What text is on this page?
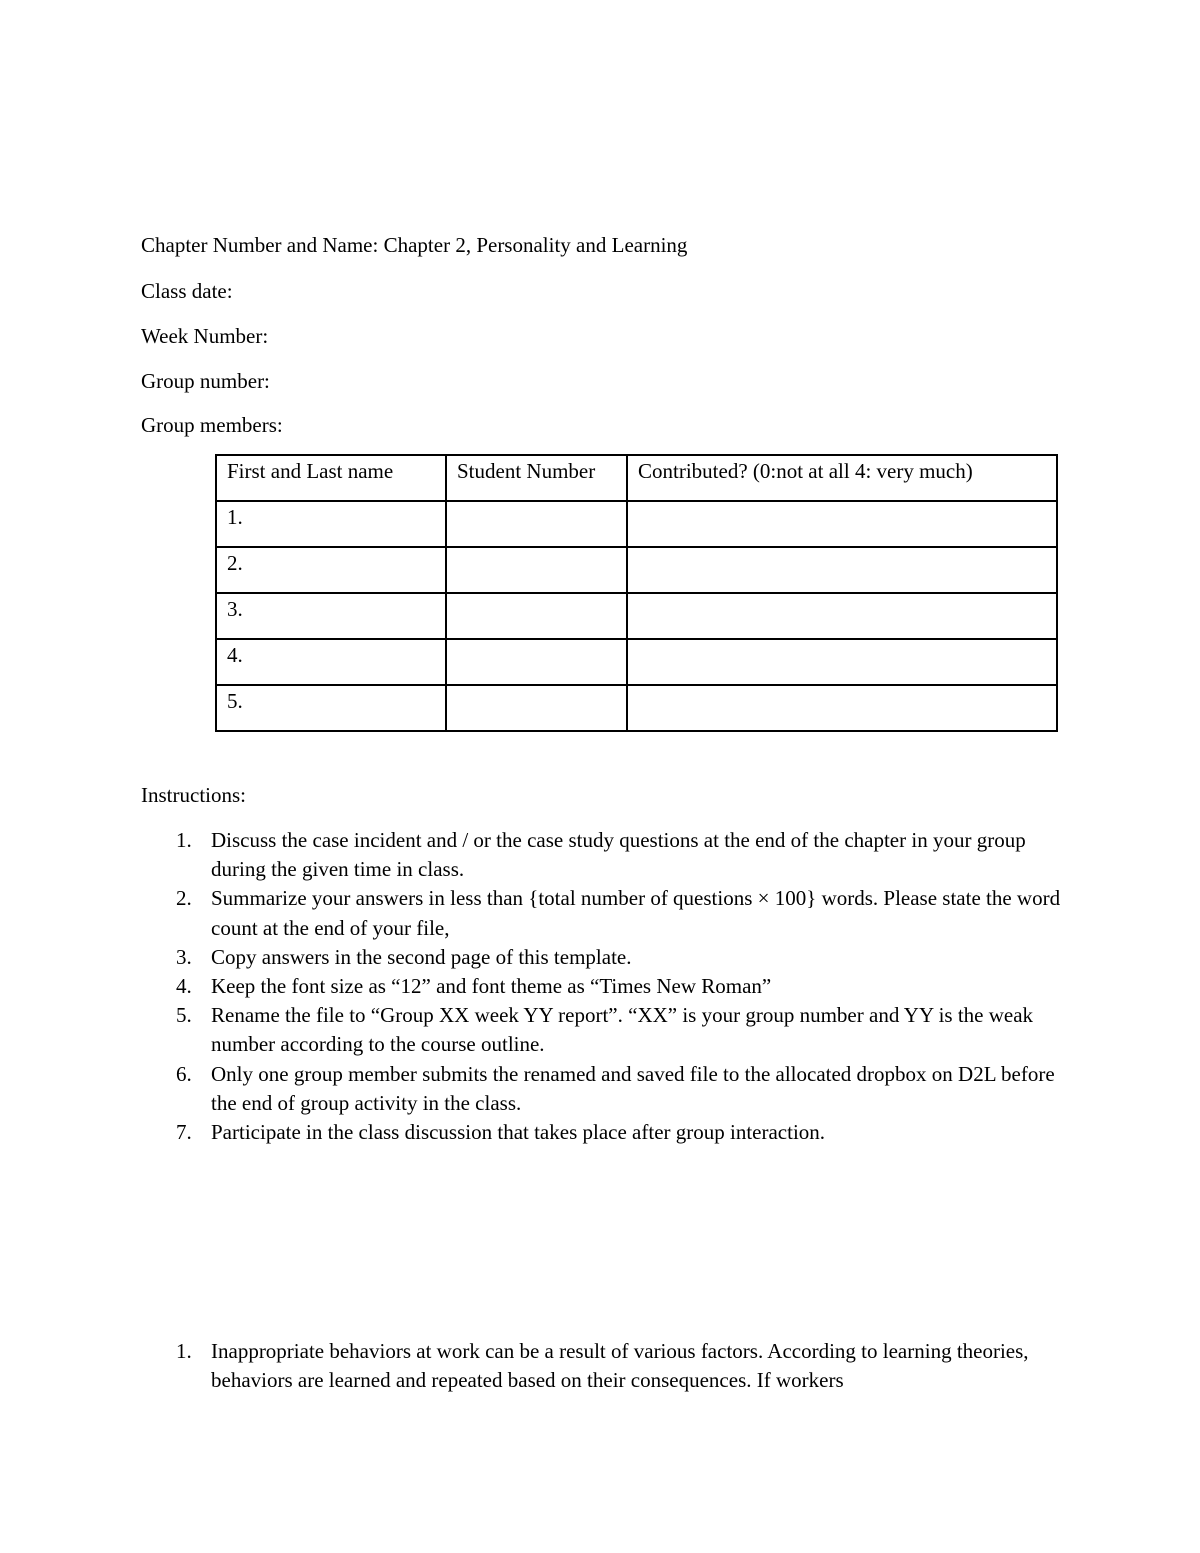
Chapter Number and Name: Chapter 2, Personality and Learning
Class date:
Week Number:
Group number:
Group members:
First and Last name	Student Number	Contributed? (0:not at all 4: very much)
1.		
2.		
3.		
4.		
5.		
Instructions:
1. Discuss the case incident and / or the case study questions at the end of the chapter in your group during the given time in class.
2. Summarize your answers in less than {total number of questions × 100} words. Please state the word count at the end of your file,
3. Copy answers in the second page of this template.
4. Keep the font size as “12” and font theme as “Times New Roman”
5. Rename the file to “Group XX week YY report”. “XX” is your group number and YY is the weak number according to the course outline.
6. Only one group member submits the renamed and saved file to the allocated dropbox on D2L before the end of group activity in the class.
7. Participate in the class discussion that takes place after group interaction.
1. Inappropriate behaviors at work can be a result of various factors. According to learning theories, behaviors are learned and repeated based on their consequences. If workers
